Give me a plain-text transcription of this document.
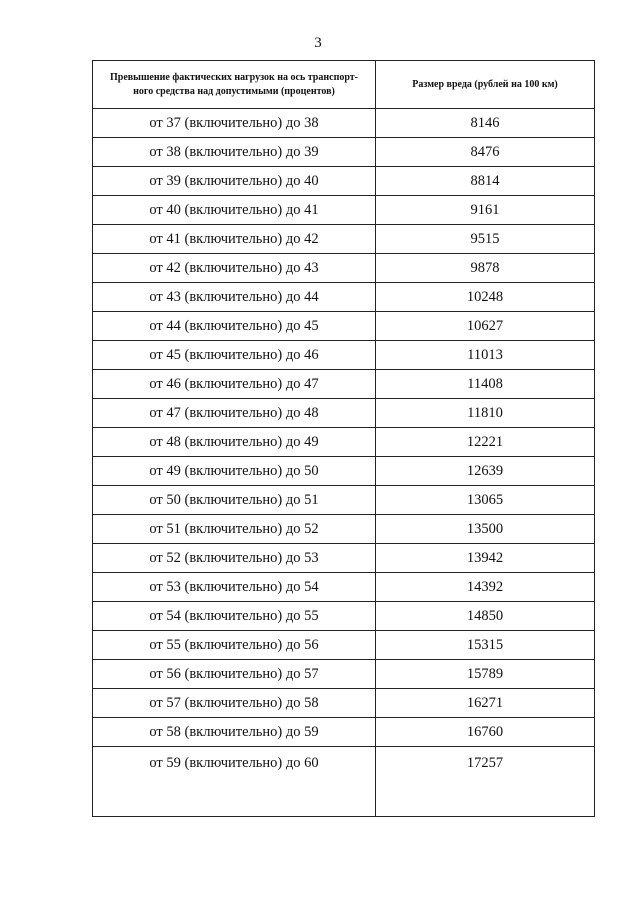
3
Превышение фактических нагрузок на ось транспорт-ного средства над допустимыми (процентов)	Размер вреда (рублей на 100 км)

от 37 (включительно) до 38	8146
от 38 (включительно) до 39	8476
от 39 (включительно) до 40	8814
от 40 (включительно) до 41	9161
от 41 (включительно) до 42	9515
от 42 (включительно) до 43	9878
от 43 (включительно) до 44	10248
от 44 (включительно) до 45	10627
от 45 (включительно) до 46	11013
от 46 (включительно) до 47	11408
от 47 (включительно) до 48	11810
от 48 (включительно) до 49	12221
от 49 (включительно) до 50	12639
от 50 (включительно) до 51	13065
от 51 (включительно) до 52	13500
от 52 (включительно) до 53	13942
от 53 (включительно) до 54	14392
от 54 (включительно) до 55	14850
от 55 (включительно) до 56	15315
от 56 (включительно) до 57	15789
от 57 (включительно) до 58	16271
от 58 (включительно) до 59	16760
от 59 (включительно) до 60	17257
